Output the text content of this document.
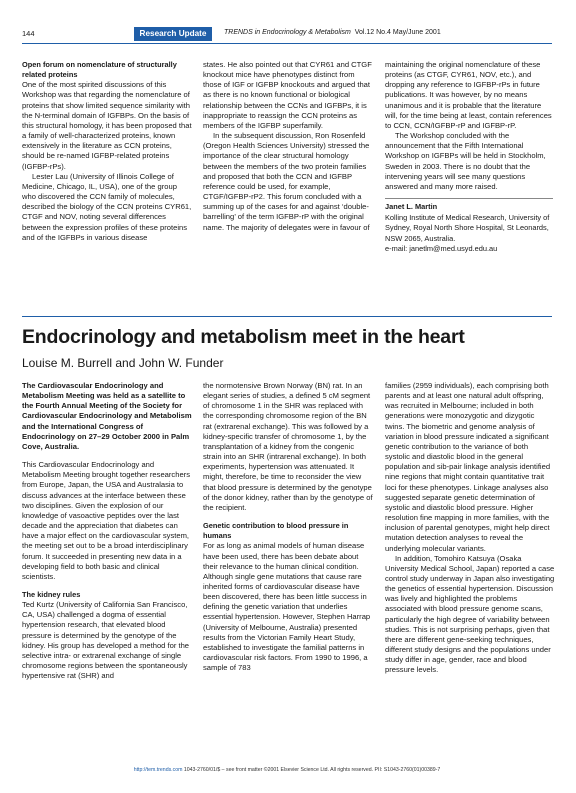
144	Research Update	TRENDS in Endocrinology & Metabolism Vol.12 No.4 May/June 2001
Open forum on nomenclature of structurally related proteins

One of the most spirited discussions of this Workshop was that regarding the nomenclature of proteins that show limited sequence similarity with the N-terminal domain of IGFBPs. On the basis of this structural homology, it has been proposed that a family of well-characterized proteins, known extensively in the literature as CCN proteins, should be re-named IGFBP-related proteins (IGFBP-rPs).

Lester Lau (University of Illinois College of Medicine, Chicago, IL, USA), one of the group who discovered the CCN family of molecules, described the biology of the CCN proteins CYR61, CTGF and NOV, noting several differences between the expression profiles of these proteins and of the IGFBPs in various disease

states. He also pointed out that CYR61 and CTGF knockout mice have phenotypes distinct from those of IGF or IGFBP knockouts and argued that as there is no known functional or biological relationship between the CCNs and IGFBPs, it is inappropriate to reassign the CCN proteins as members of the IGFBP superfamily.

In the subsequent discussion, Ron Rosenfeld (Oregon Health Sciences University) stressed the importance of the clear structural homology between the members of the two protein families and proposed that both the CCN and IGFBP reference could be used, for example, CTGF/IGFBP-rP2. This forum concluded with a summing up of the cases for and against ‘double-barrelling’ of the term IGFBP-rP with the original name. The majority of delegates were in favour of

maintaining the original nomenclature of these proteins (as CTGF, CYR61, NOV, etc.), and dropping any reference to IGFBP-rPs in future publications. It was however, by no means unanimous and it is probable that the literature will, for the time being at least, contain references to CCN, CCN/IGFBP-rP and IGFBP-rP.

The Workshop concluded with the announcement that the Fifth International Workshop on IGFBPs will be held in Stockholm, Sweden in 2003. There is no doubt that the intervening years will see many questions answered and many more raised.

Janet L. Martin
Kolling Institute of Medical Research, University of Sydney, Royal North Shore Hospital, St Leonards, NSW 2065, Australia.
e-mail: janetlm@med.usyd.edu.au
Endocrinology and metabolism meet in the heart
Louise M. Burrell and John W. Funder

The Cardiovascular Endocrinology and Metabolism Meeting was held as a satellite to the Fourth Annual Meeting of the Society for Cardiovascular Endocrinology and Metabolism and the International Congress of Endocrinology on 27–29 October 2000 in Palm Cove, Australia.

This Cardiovascular Endocrinology and Metabolism Meeting brought together researchers from Europe, Japan, the USA and Australasia to discuss advances at the interface between these two disciplines. Given the explosion of our knowledge of vasoactive peptides over the last decade and the appreciation that diabetes can have a major effect on the cardiovascular system, the meeting set out to be a broad interdisciplinary forum. It succeeded in presenting new data in a developing field to both basic and clinical scientists.

The kidney rules

Ted Kurtz (University of California San Francisco, CA, USA) challenged a dogma of essential hypertension research, that elevated blood pressure is determined by the genotype of the kidney. His group has developed a method for the selective intra- or extrarenal exchange of single chromosome regions between the spontaneously hypertensive rat (SHR) and

the normotensive Brown Norway (BN) rat. In an elegant series of studies, a defined 5 cM segment of chromosome 1 in the SHR was replaced with the corresponding chromosome region of the BN rat (extrarenal exchange). This was followed by a kidney-specific transfer of chromosome 1, by the transplantation of a kidney from the congenic strain into an SHR (intrarenal exchange). In both experiments, hypertension was attenuated. It might, therefore, be time to reconsider the view that blood pressure is determined by the genotype of the donor kidney, rather than by the genotype of the recipient.

Genetic contribution to blood pressure in humans

For as long as animal models of human disease have been used, there has been debate about their relevance to the human clinical condition. Although single gene mutations that cause rare inherited forms of cardiovascular disease have been discovered, there has been little success in defining the genetic variation that underlies essential hypertension. However, Stephen Harrap (University of Melbourne, Australia) presented results from the Victorian Family Heart Study, established to investigate the familial patterns in cardiovascular risk factors. From 1990 to 1996, a sample of 783

families (2959 individuals), each comprising both parents and at least one natural adult offspring, was recruited in Melbourne; included in both generations were monozygotic and dizygotic twins. The biometric and genome analysis of variation in blood pressure indicated a significant genetic contribution to the variance of both systolic and diastolic blood in the general population and sib-pair linkage analysis identified nine regions that might contain quantitative trait loci for these phenotypes. Linkage analyses also suggested separate genetic determination of systolic and diastolic blood pressure. Higher resolution fine mapping in more families, with the inclusion of parental genotypes, might help direct mutation detection analyses to reveal the underlying molecular variants.

In addition, Tomohiro Katsuya (Osaka University Medical School, Japan) reported a case control study underway in Japan also investigating the genetics of essential hypertension. Discussion was lively and highlighted the problems associated with blood pressure genome scans, particularly the high degree of variability between studies. This is not surprising perhaps, given that there are different gene-seeking techniques, different study designs and the populations under study differ in age, gender, race and blood pressure levels.

http://tem.trends.com 1043-2760/01/$ – see front matter ©2001 Elsevier Science Ltd. All rights reserved. PII: S1043-2760(01)00389-7
